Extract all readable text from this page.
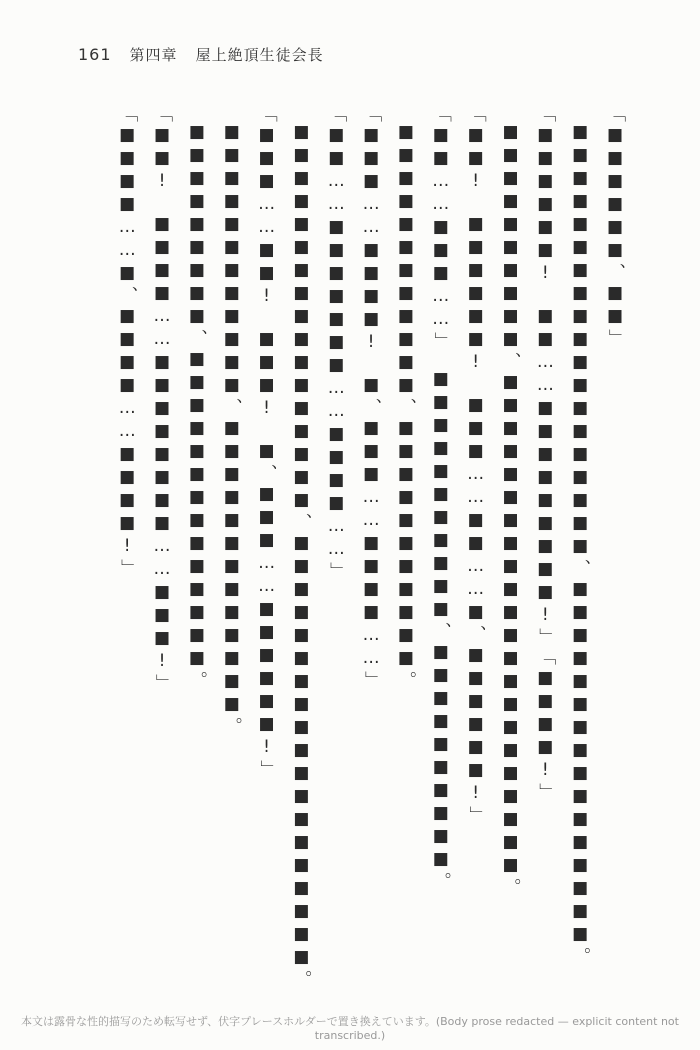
161 第四章 屋上絶頂生徒会長
「■■■■■■、■■」■■■■■■■■■■■■■■■■■■■、■■■■■■■■■■■■■■■■。「■■■■■■!　■■……■■■■■■■■■!」「■■■■!」■■■■■■■■■■、■■■■■■■■■■■■■■■■■■■■■■。「■■!　■■■■■■!　■■■……■■……■、■■■■■■!」「■■……■■■……」■■■■■■■■■■■、■■■■■■■■■■。■■■■■■■■■■■■、■■■■■■■■■■■。「■■■……■■■■!　■、■■■……■■■■……」「■■……■■■■■■■……■■■■……」■■■■■■■■■■■■■■■■■、■■■■■■■■■■■■■■■■■■■。「■■■……■■!　■■■!　■、■■■……■■■■■■!」■■■■■■■■■■■■、■■■■■■■■■■■■■。■■■■■■■■■、■■■■■■■■■■■■■■。「■■!　■■■■……■■■■■■■■……■■■!」「■■■■……■、■■■■……■■■■!」
本文は露骨な性的描写のため転写せず、伏字プレースホルダーで置き換えています。(Body prose redacted — explicit content not transcribed.)
